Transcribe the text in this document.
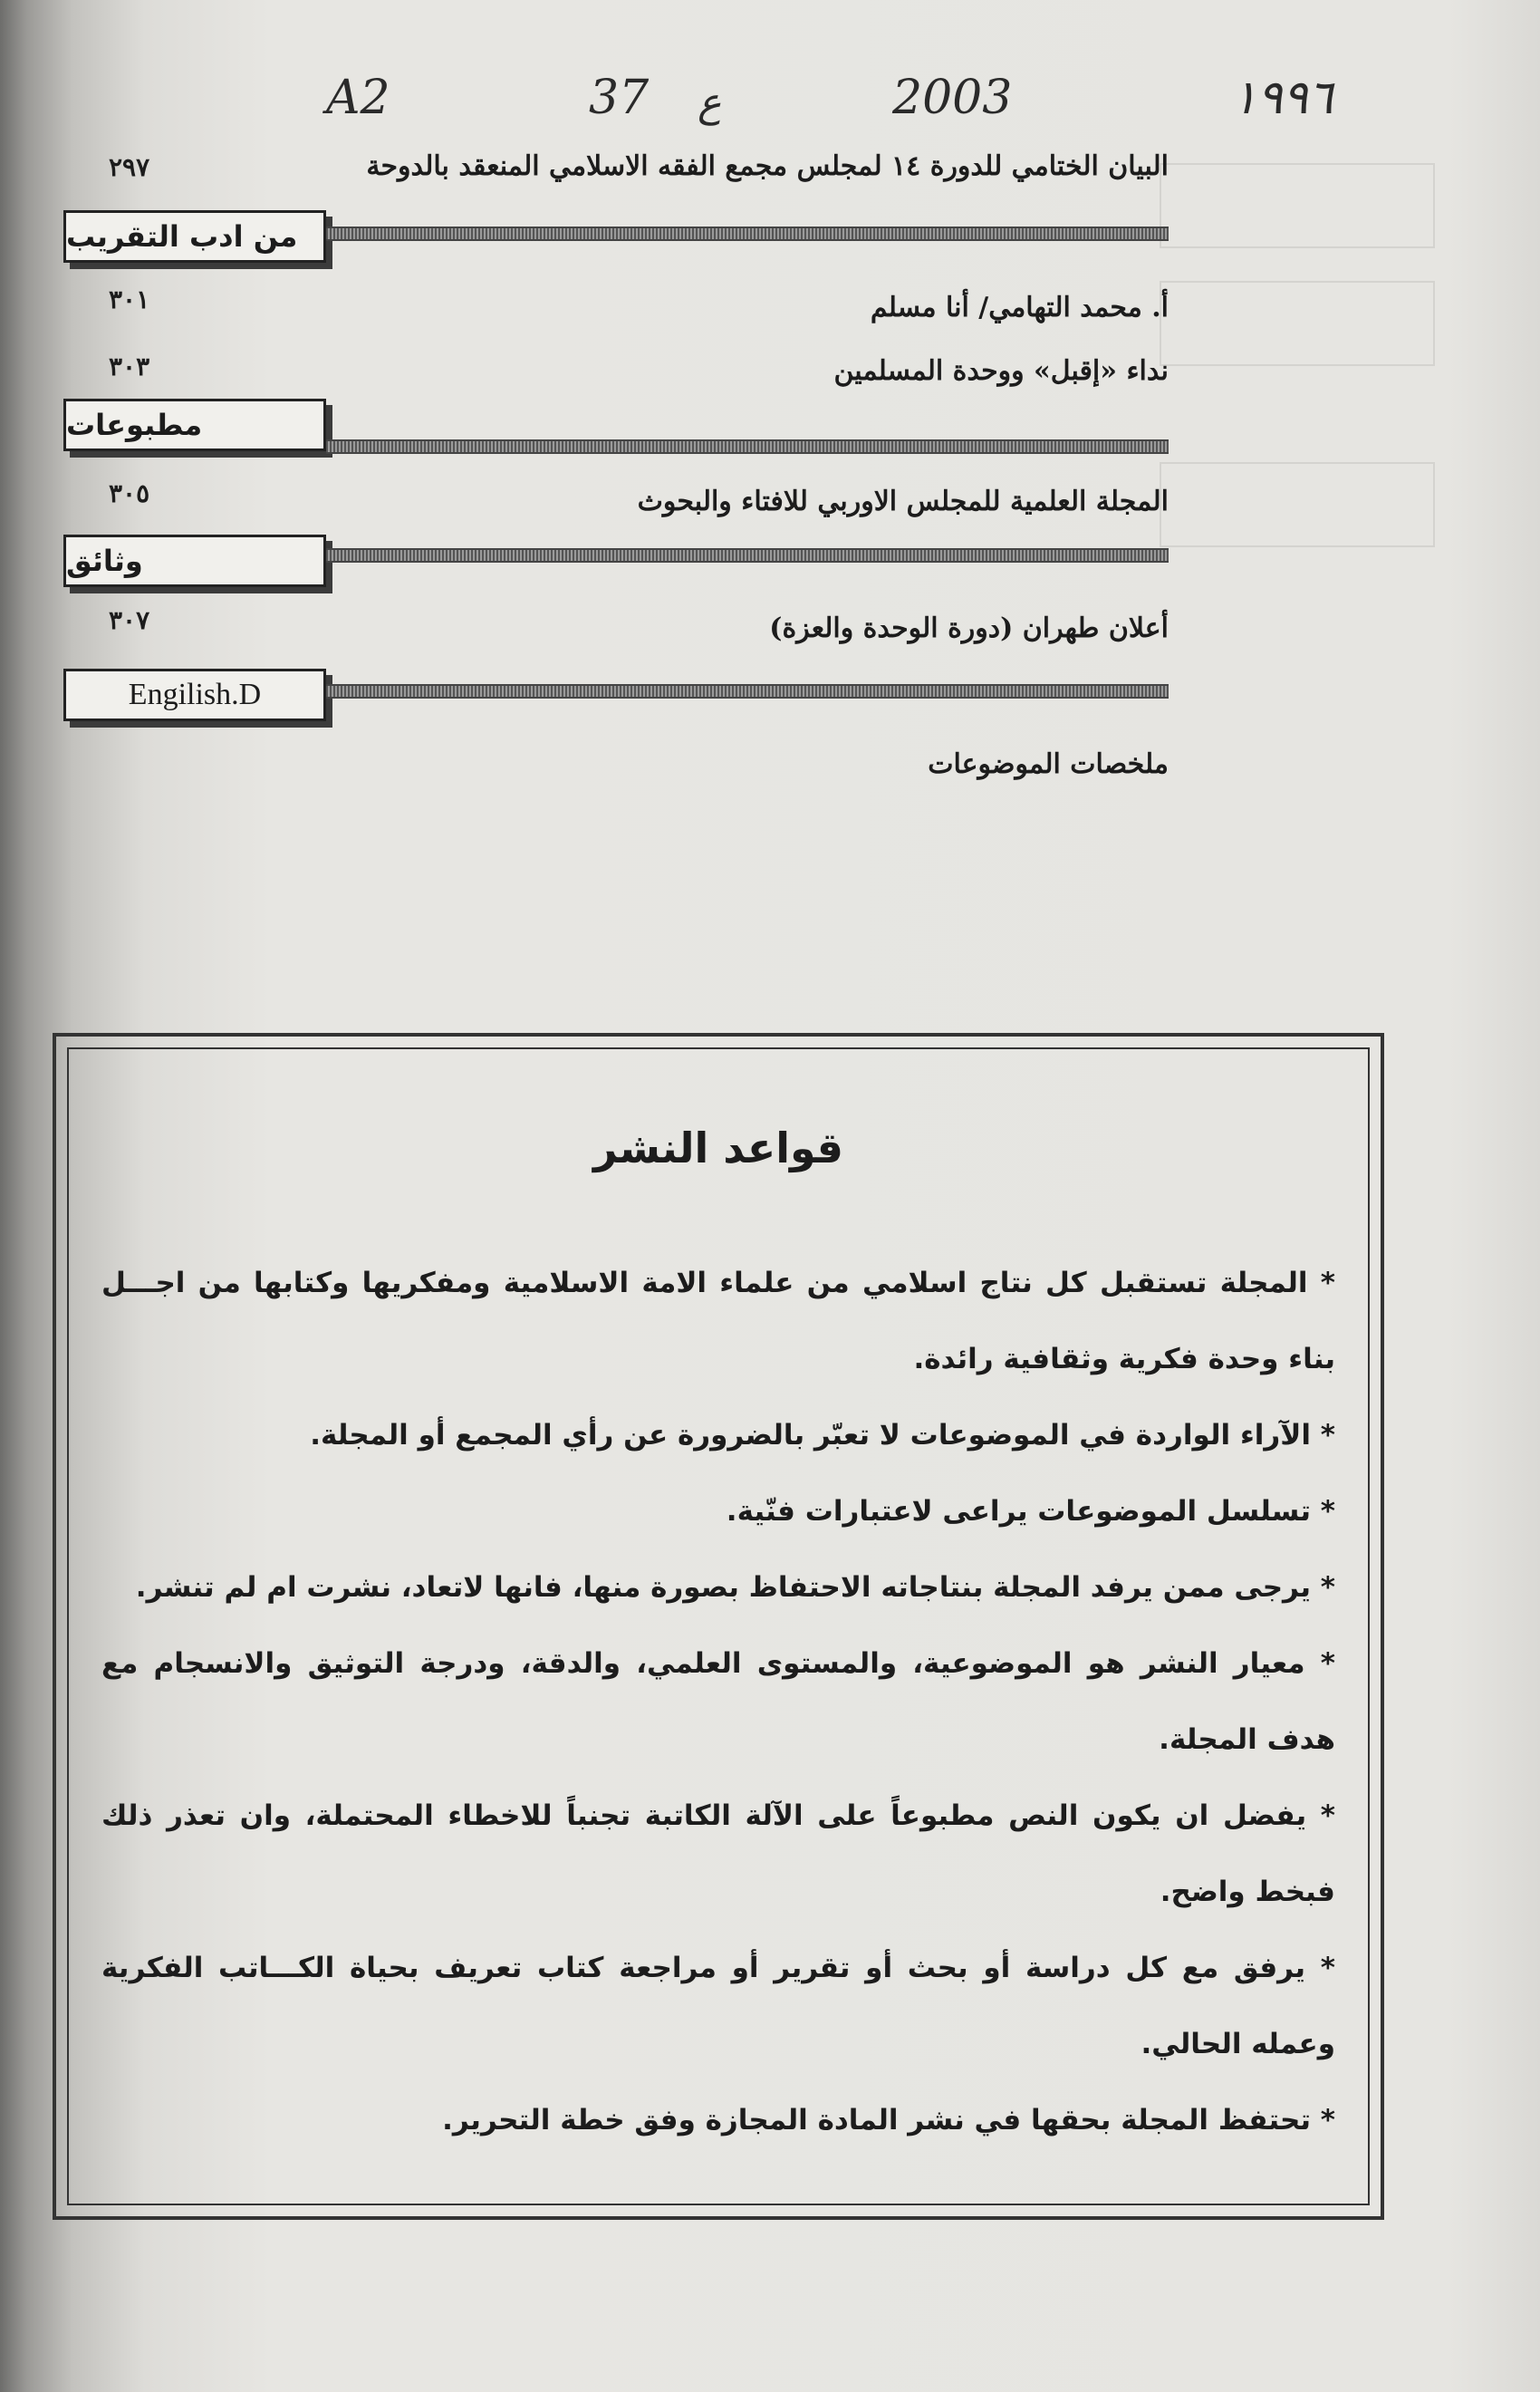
A2	37 ع	2003	١٩٩٦
٢٩٧	البيان الختامي للدورة ١٤ لمجلس مجمع الفقه الاسلامي المنعقد بالدوحة
من ادب التقريب
٣٠١	أ. محمد التهامي/ أنا مسلم
٣٠٣	نداء «إقبل» ووحدة المسلمين
مطبوعات
٣٠٥	المجلة العلمية للمجلس الاوربي للافتاء والبحوث
وثائق
٣٠٧	أعلان طهران (دورة الوحدة والعزة)
Engilish.D
ملخصات الموضوعات
قواعد النشر
* المجلة تستقبل كل نتاج اسلامي من علماء الامة الاسلامية ومفكريها وكتابها من اجـــل بناء وحدة فكرية وثقافية رائدة.
* الآراء الواردة في الموضوعات لا تعبّر بالضرورة عن رأي المجمع أو المجلة.
* تسلسل الموضوعات يراعى لاعتبارات فنّية.
* يرجى ممن يرفد المجلة بنتاجاته الاحتفاظ بصورة منها، فانها لاتعاد، نشرت ام لم تنشر.
* معيار النشر هو الموضوعية، والمستوى العلمي، والدقة، ودرجة التوثيق والانسجام مع هدف المجلة.
* يفضل ان يكون النص مطبوعاً على الآلة الكاتبة تجنباً للاخطاء المحتملة، وان تعذر ذلك فبخط واضح.
* يرفق مع كل دراسة أو بحث أو تقرير أو مراجعة كتاب تعريف بحياة الكـــاتب الفكرية وعمله الحالي.
* تحتفظ المجلة بحقها في نشر المادة المجازة وفق خطة التحرير.
